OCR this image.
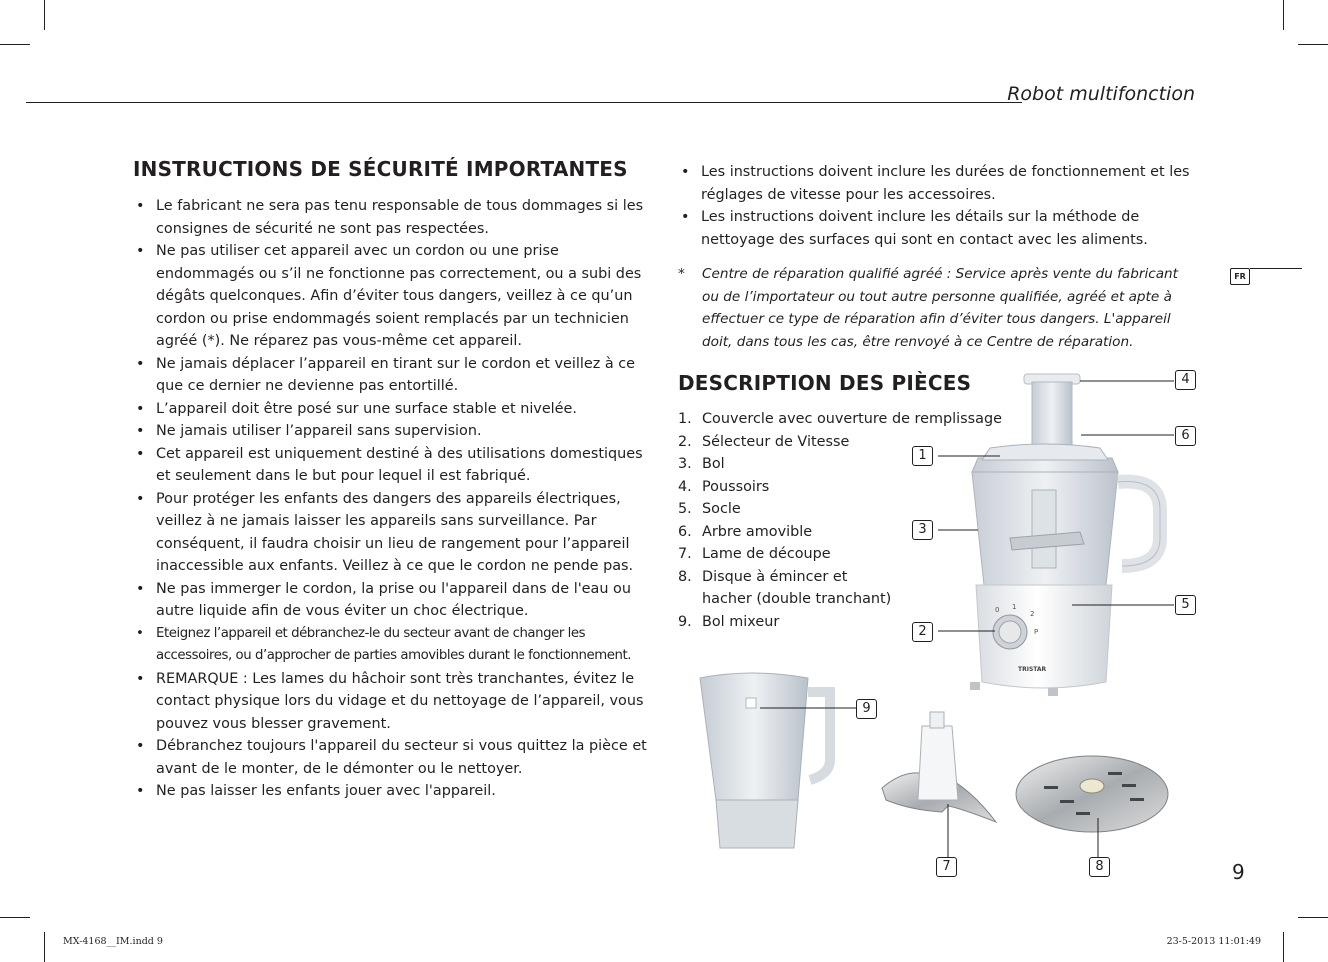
Robot multifonction
INSTRUCTIONS DE SÉCURITÉ IMPORTANTES
• Le fabricant ne sera pas tenu responsable de tous dommages si les consignes de sécurité ne sont pas respectées.
• Ne pas utiliser cet appareil avec un cordon ou une prise endommagés ou s’il ne fonctionne pas correctement, ou a subi des dégâts quelconques. Afin d’éviter tous dangers, veillez à ce qu’un cordon ou prise endommagés soient remplacés par un technicien agréé (*). Ne réparez pas vous-même cet appareil.
• Ne jamais déplacer l’appareil en tirant sur le cordon et veillez à ce que ce dernier ne devienne pas entortillé.
• L’appareil doit être posé sur une surface stable et nivelée.
• Ne jamais utiliser l’appareil sans supervision.
• Cet appareil est uniquement destiné à des utilisations domestiques et seulement dans le but pour lequel il est fabriqué.
• Pour protéger les enfants des dangers des appareils électriques, veillez à ne jamais laisser les appareils sans surveillance. Par conséquent, il faudra choisir un lieu de rangement pour l’appareil inaccessible aux enfants. Veillez à ce que le cordon ne pende pas.
• Ne pas immerger le cordon, la prise ou l'appareil dans de l'eau ou autre liquide afin de vous éviter un choc électrique.
• Eteignez l’appareil et débranchez-le du secteur avant de changer les accessoires, ou d’approcher de parties amovibles durant le fonctionnement.
• REMARQUE : Les lames du hâchoir sont très tranchantes, évitez le contact physique lors du vidage et du nettoyage de l’appareil, vous pouvez vous blesser gravement.
• Débranchez toujours l'appareil du secteur si vous quittez la pièce et avant de le monter, de le démonter ou le nettoyer.
• Ne pas laisser les enfants jouer avec l'appareil.
• Les instructions doivent inclure les durées de fonctionnement et les réglages de vitesse pour les accessoires.
• Les instructions doivent inclure les détails sur la méthode de nettoyage des surfaces qui sont en contact avec les aliments.
*	Centre de réparation qualifié agréé : Service après vente du fabricant ou de l’importateur ou tout autre personne qualifiée, agréé et apte à effectuer ce type de réparation afin d’éviter tous dangers. L'appareil doit, dans tous les cas, être renvoyé à ce Centre de réparation.
FR
DESCRIPTION DES PIÈCES
1. Couvercle avec ouverture de remplissage
2. Sélecteur de Vitesse
3. Bol
4. Poussoirs
5. Socle
6. Arbre amovible
7. Lame de découpe
8. Disque à émincer et
hacher (double tranchant)
9. Bol mixeur
0 1
2
P
TRISTAR
1
2
3
4
5
6
7	8
9
9
MX-4168__IM.indd 9	23-5-2013 11:01:49
